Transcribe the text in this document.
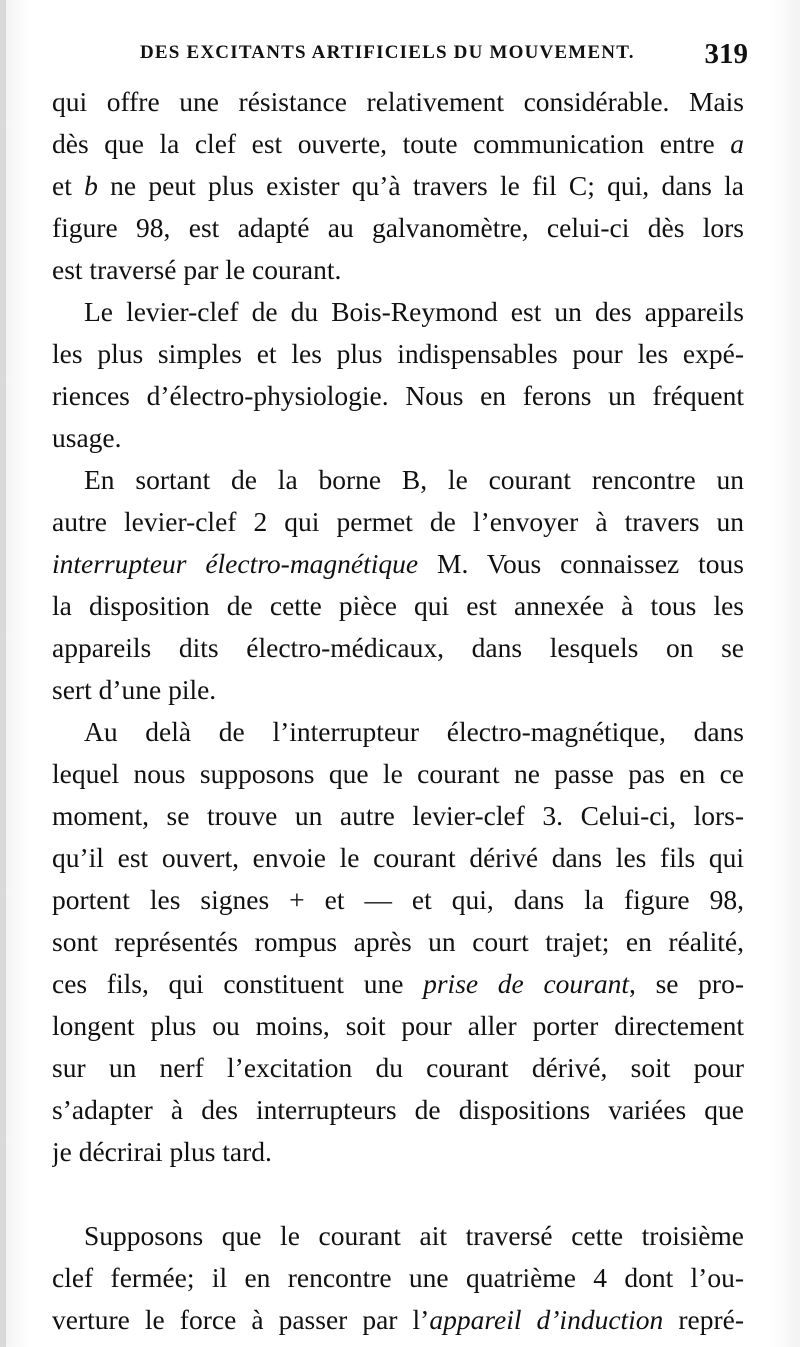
DES EXCITANTS ARTIFICIELS DU MOUVEMENT. 319
qui offre une résistance relativement considérable. Mais
dès que la clef est ouverte, toute communication entre a
et b ne peut plus exister qu’à travers le fil C; qui, dans la
figure 98, est adapté au galvanomètre, celui-ci dès lors
est traversé par le courant.
Le levier-clef de du Bois-Reymond est un des appareils
les plus simples et les plus indispensables pour les expé-
riences d’électro-physiologie. Nous en ferons un fréquent
usage.
En sortant de la borne B, le courant rencontre un
autre levier-clef 2 qui permet de l’envoyer à travers un
interrupteur électro-magnétique M. Vous connaissez tous
la disposition de cette pièce qui est annexée à tous les
appareils dits électro-médicaux, dans lesquels on se
sert d’une pile.
Au delà de l’interrupteur électro-magnétique, dans
lequel nous supposons que le courant ne passe pas en ce
moment, se trouve un autre levier-clef 3. Celui-ci, lors-
qu’il est ouvert, envoie le courant dérivé dans les fils qui
portent les signes + et — et qui, dans la figure 98,
sont représentés rompus après un court trajet; en réalité,
ces fils, qui constituent une prise de courant, se pro-
longent plus ou moins, soit pour aller porter directement
sur un nerf l’excitation du courant dérivé, soit pour
s’adapter à des interrupteurs de dispositions variées que
je décrirai plus tard.
Supposons que le courant ait traversé cette troisième
clef fermée; il en rencontre une quatrième 4 dont l’ou-
verture le force à passer par l’appareil d’induction repré-
